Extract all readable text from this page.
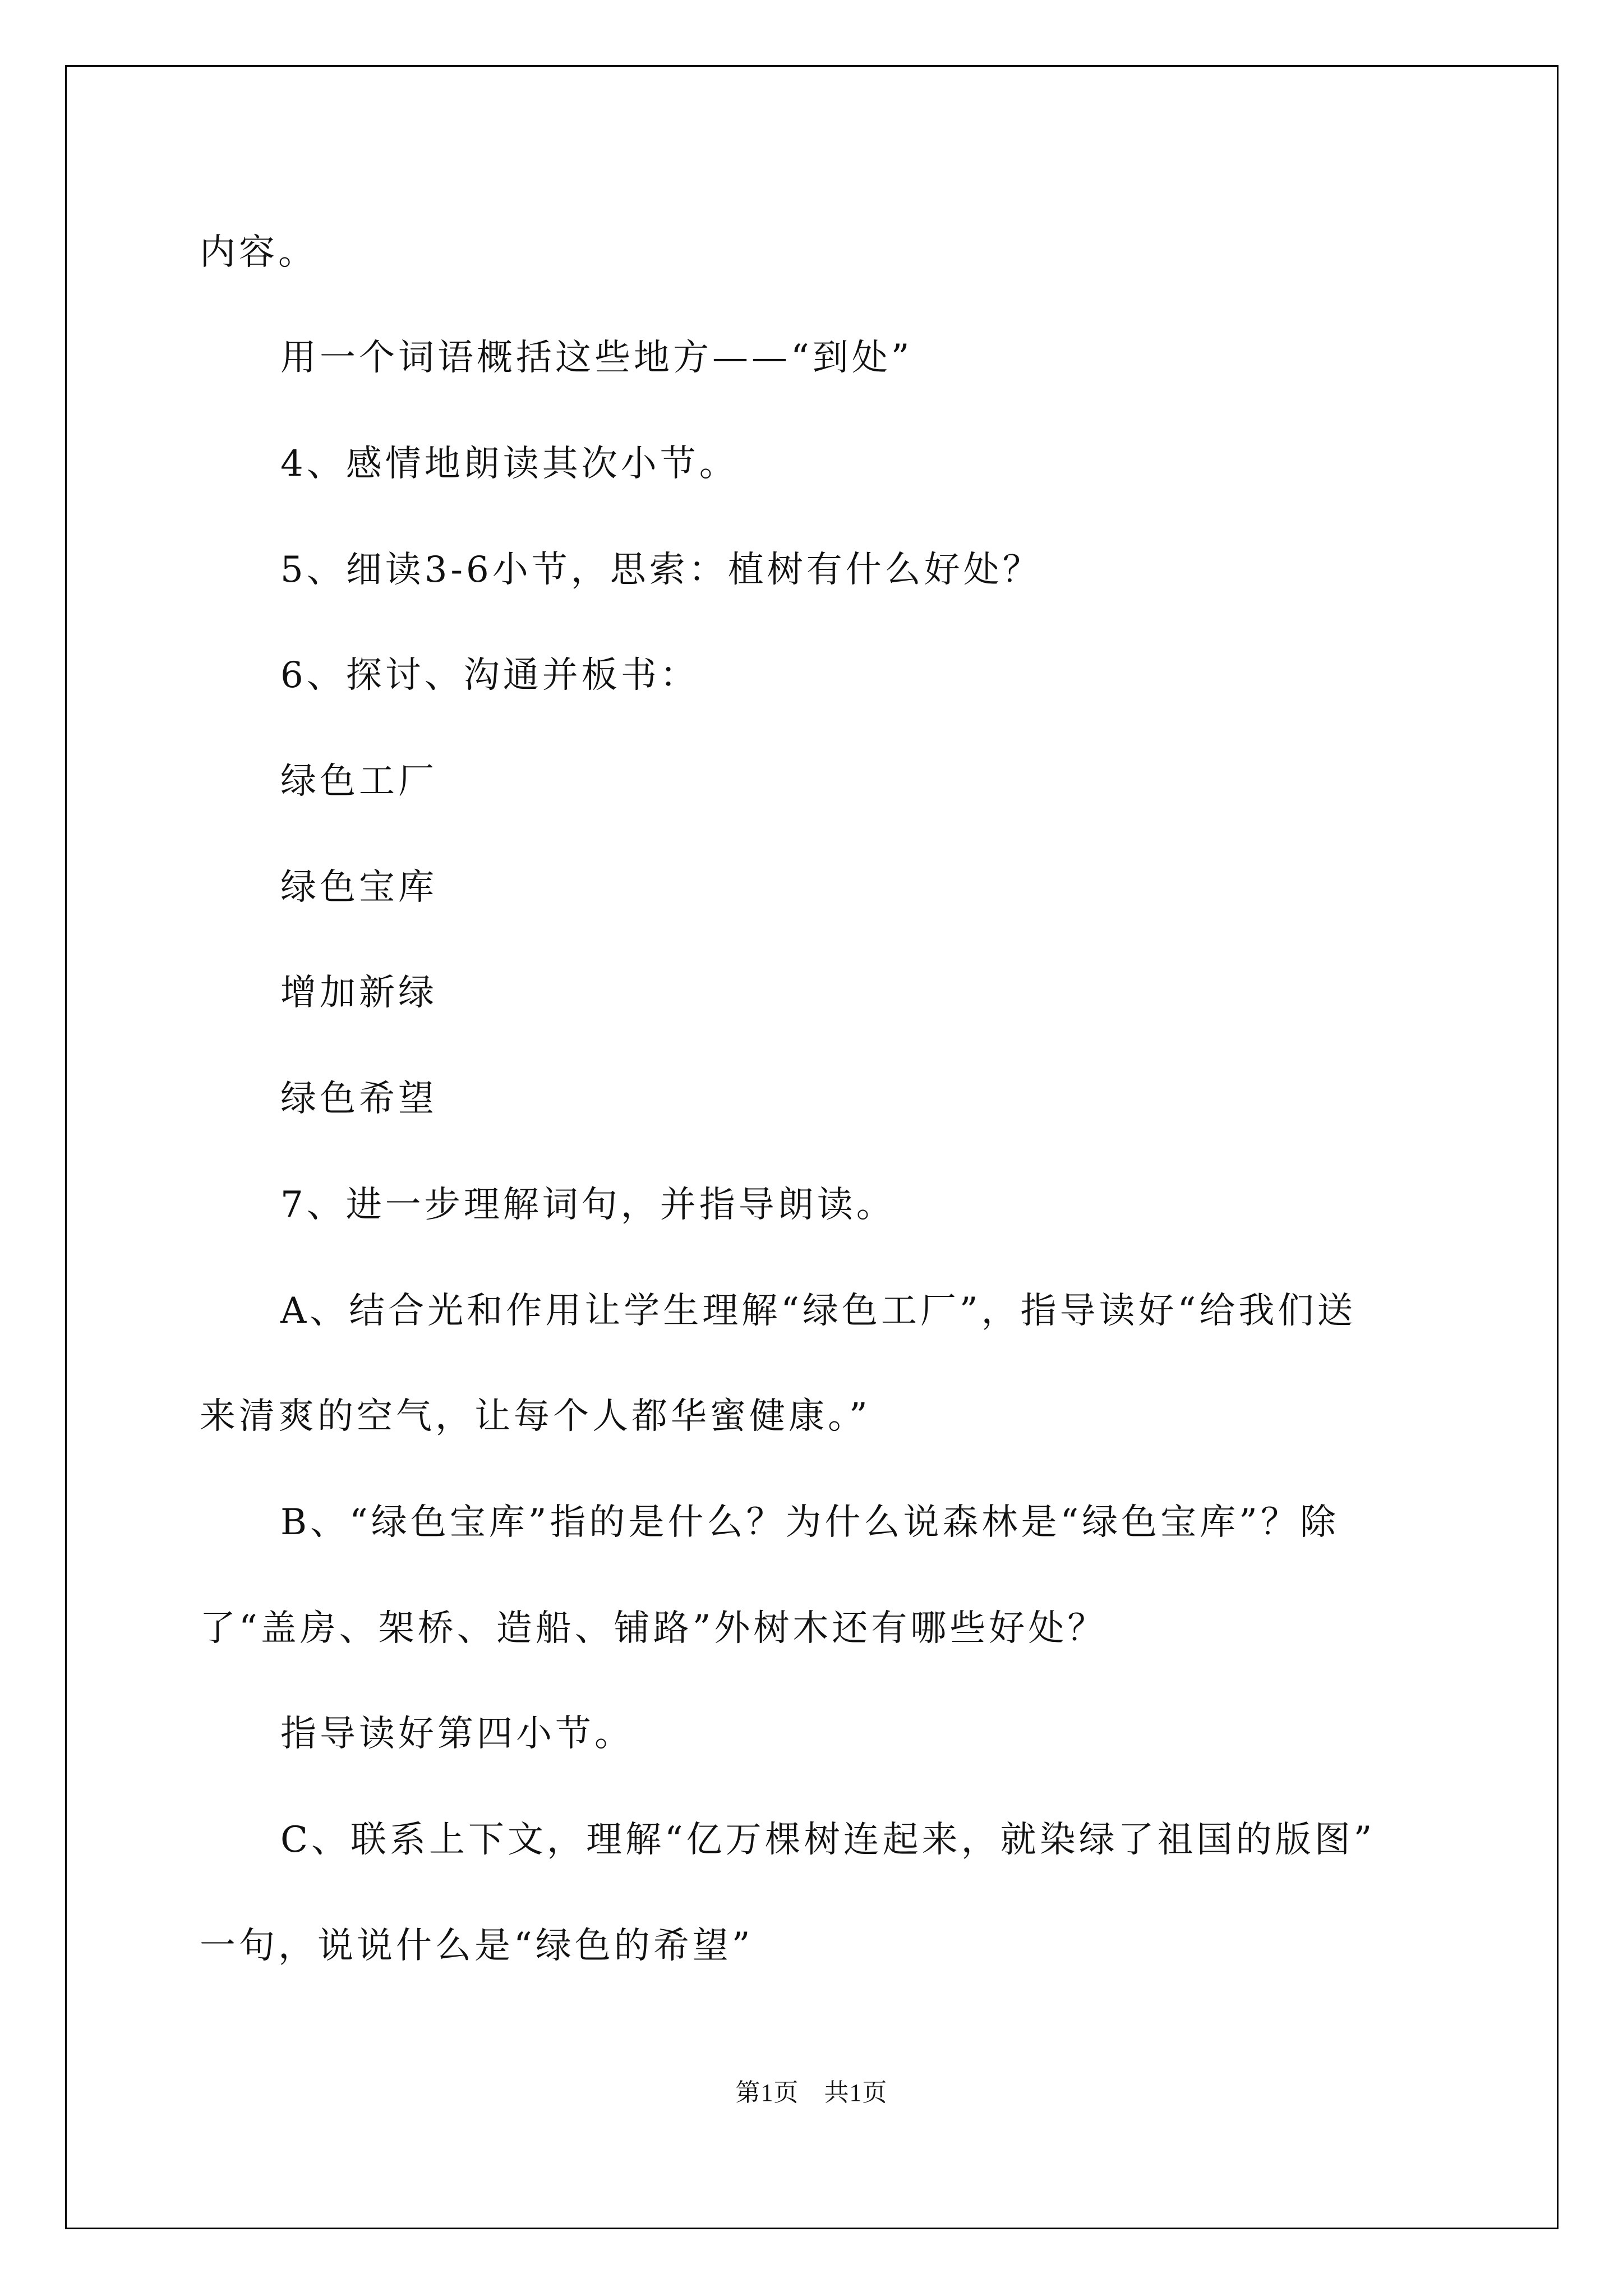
内容。
用一个词语概括这些地方——“到处”
4、感情地朗读其次小节。
5、细读3-6小节，思索：植树有什么好处？
6、探讨、沟通并板书：
绿色工厂
绿色宝库
增加新绿
绿色希望
7、进一步理解词句，并指导朗读。
A、结合光和作用让学生理解“绿色工厂”，指导读好“给我们送
来清爽的空气，让每个人都华蜜健康。”
B、“绿色宝库”指的是什么？为什么说森林是“绿色宝库”？除
了“盖房、架桥、造船、铺路”外树木还有哪些好处？
指导读好第四小节。
C、联系上下文，理解“亿万棵树连起来，就染绿了祖国的版图”
一句，说说什么是“绿色的希望”
第1页　共1页
